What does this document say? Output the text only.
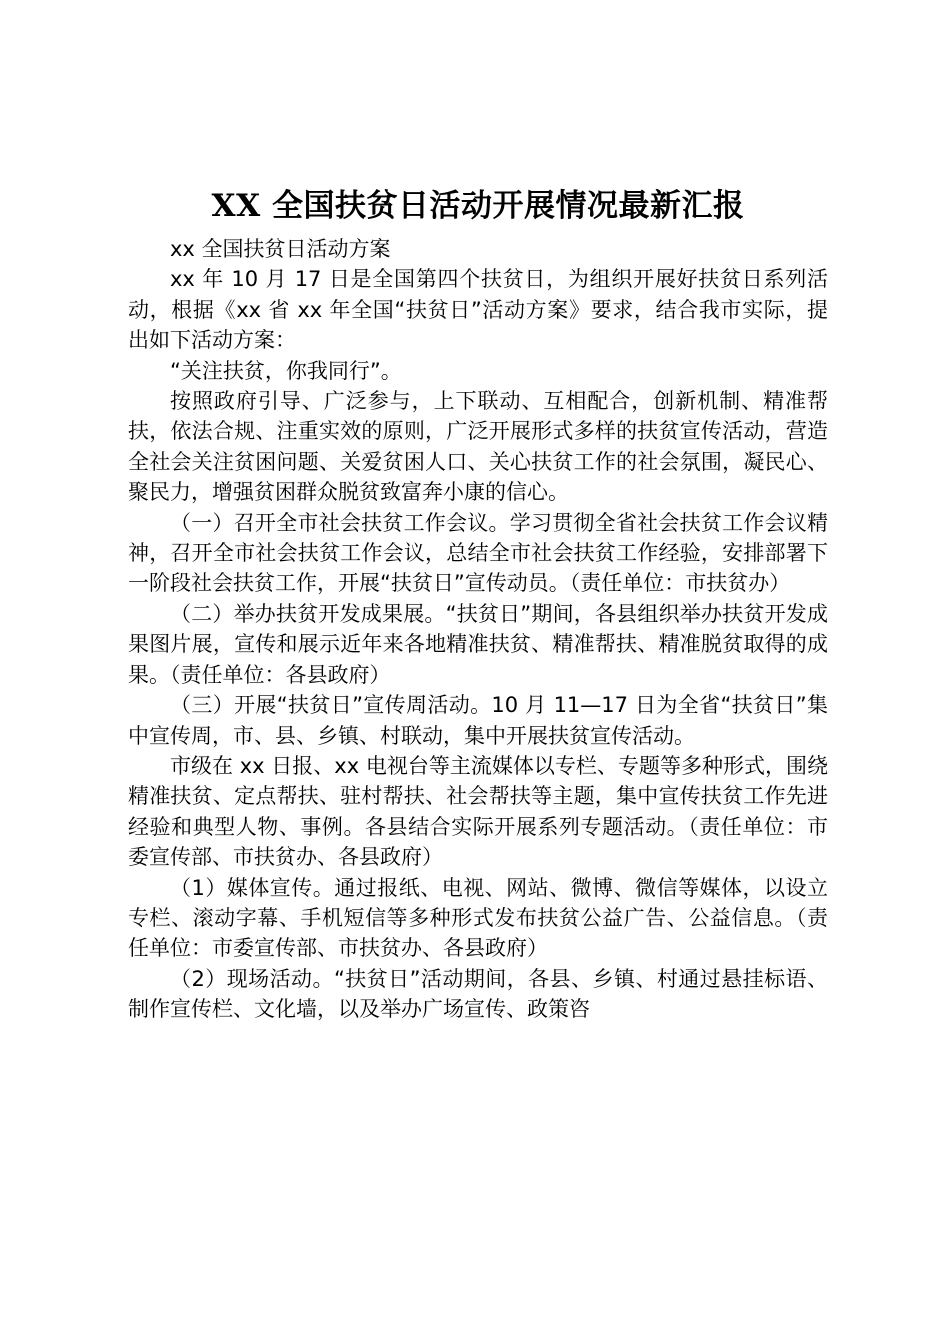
XX 全国扶贫日活动开展情况最新汇报

xx 全国扶贫日活动方案

xx 年 10 月 17 日是全国第四个扶贫日，为组织开展好扶贫日系列活动，根据《xx 省 xx 年全国“扶贫日”活动方案》要求，结合我市实际，提出如下活动方案：

“关注扶贫，你我同行”。

按照政府引导、广泛参与，上下联动、互相配合，创新机制、精准帮扶，依法合规、注重实效的原则，广泛开展形式多样的扶贫宣传活动，营造全社会关注贫困问题、关爱贫困人口、关心扶贫工作的社会氛围，凝民心、聚民力，增强贫困群众脱贫致富奔小康的信心。

（一）召开全市社会扶贫工作会议。学习贯彻全省社会扶贫工作会议精神，召开全市社会扶贫工作会议，总结全市社会扶贫工作经验，安排部署下一阶段社会扶贫工作，开展“扶贫日”宣传动员。（责任单位：市扶贫办）

（二）举办扶贫开发成果展。“扶贫日”期间，各县组织举办扶贫开发成果图片展，宣传和展示近年来各地精准扶贫、精准帮扶、精准脱贫取得的成果。（责任单位：各县政府）

（三）开展“扶贫日”宣传周活动。10 月 11—17 日为全省“扶贫日”集中宣传周，市、县、乡镇、村联动，集中开展扶贫宣传活动。

市级在 xx 日报、xx 电视台等主流媒体以专栏、专题等多种形式，围绕精准扶贫、定点帮扶、驻村帮扶、社会帮扶等主题，集中宣传扶贫工作先进经验和典型人物、事例。各县结合实际开展系列专题活动。（责任单位：市委宣传部、市扶贫办、各县政府）

（1）媒体宣传。通过报纸、电视、网站、微博、微信等媒体，以设立专栏、滚动字幕、手机短信等多种形式发布扶贫公益广告、公益信息。（责任单位：市委宣传部、市扶贫办、各县政府）

（2）现场活动。“扶贫日”活动期间，各县、乡镇、村通过悬挂标语、制作宣传栏、文化墙，以及举办广场宣传、政策咨
